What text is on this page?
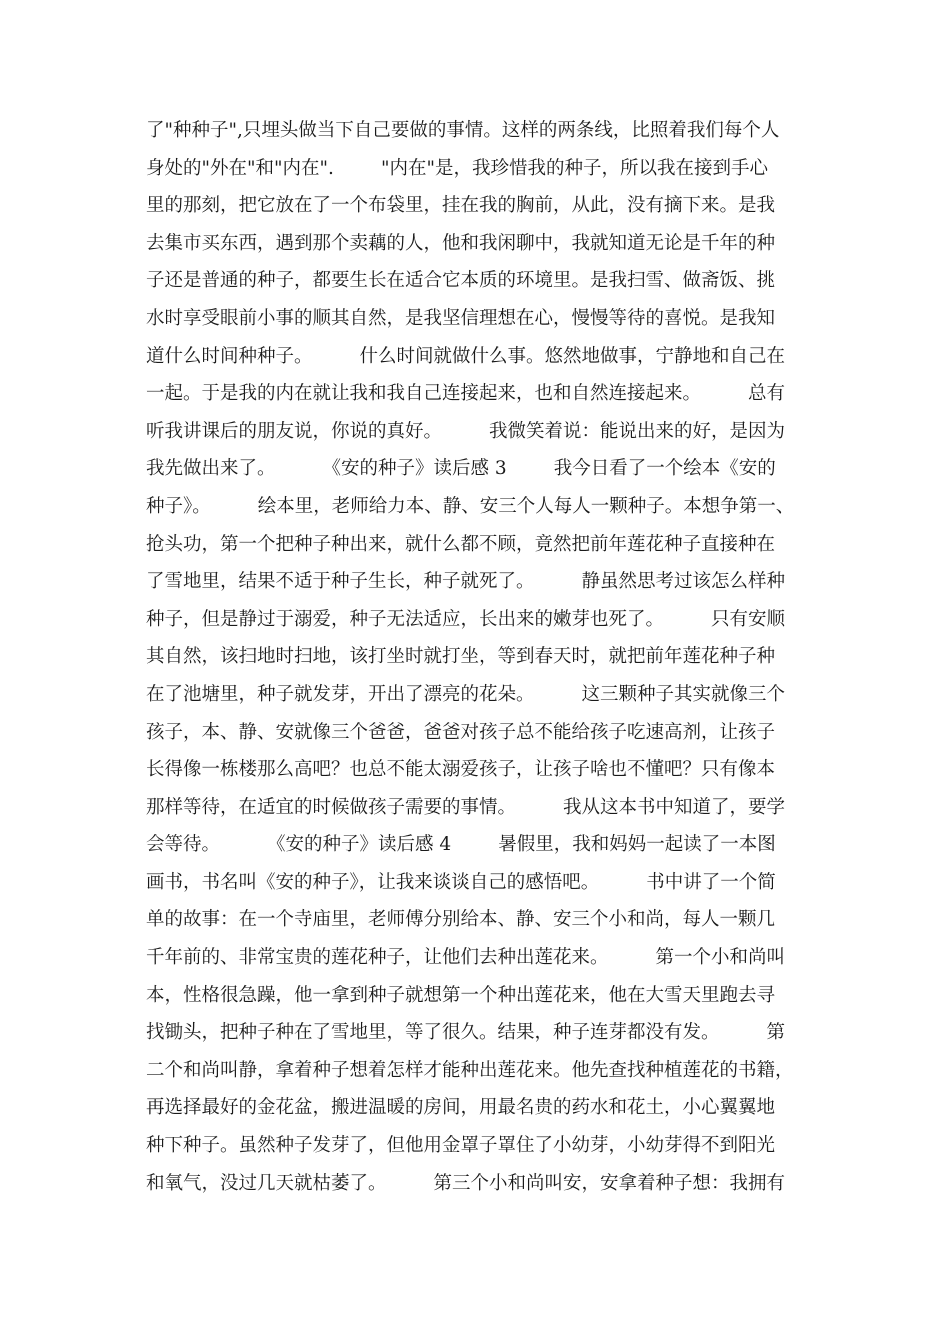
了"种种子",只埋头做当下自己要做的事情。这样的两条线，比照着我们每个人
身处的"外在"和"内在".        "内在"是，我珍惜我的种子，所以我在接到手心
里的那刻，把它放在了一个布袋里，挂在我的胸前，从此，没有摘下来。是我
去集市买东西，遇到那个卖藕的人，他和我闲聊中，我就知道无论是千年的种
子还是普通的种子，都要生长在适合它本质的环境里。是我扫雪、做斋饭、挑
水时享受眼前小事的顺其自然，是我坚信理想在心，慢慢等待的喜悦。是我知
道什么时间种种子。        什么时间就做什么事。悠然地做事，宁静地和自己在
一起。于是我的内在就让我和我自己连接起来，也和自然连接起来。        总有
听我讲课后的朋友说，你说的真好。        我微笑着说：能说出来的好，是因为
我先做出来了。        《安的种子》读后感 3        我今日看了一个绘本《安的
种子》。        绘本里，老师给力本、静、安三个人每人一颗种子。本想争第一、
抢头功，第一个把种子种出来，就什么都不顾，竟然把前年莲花种子直接种在
了雪地里，结果不适于种子生长，种子就死了。        静虽然思考过该怎么样种
种子，但是静过于溺爱，种子无法适应，长出来的嫩芽也死了。        只有安顺
其自然，该扫地时扫地，该打坐时就打坐，等到春天时，就把前年莲花种子种
在了池塘里，种子就发芽，开出了漂亮的花朵。        这三颗种子其实就像三个
孩子，本、静、安就像三个爸爸，爸爸对孩子总不能给孩子吃速高剂，让孩子
长得像一栋楼那么高吧？也总不能太溺爱孩子，让孩子啥也不懂吧？只有像本
那样等待，在适宜的时候做孩子需要的事情。        我从这本书中知道了，要学
会等待。        《安的种子》读后感 4        暑假里，我和妈妈一起读了一本图
画书，书名叫《安的种子》，让我来谈谈自己的感悟吧。        书中讲了一个简
单的故事：在一个寺庙里，老师傅分别给本、静、安三个小和尚，每人一颗几
千年前的、非常宝贵的莲花种子，让他们去种出莲花来。        第一个小和尚叫
本，性格很急躁，他一拿到种子就想第一个种出莲花来，他在大雪天里跑去寻
找锄头，把种子种在了雪地里，等了很久。结果，种子连芽都没有发。        第
二个和尚叫静，拿着种子想着怎样才能种出莲花来。他先查找种植莲花的书籍，
再选择最好的金花盆，搬进温暖的房间，用最名贵的药水和花土，小心翼翼地
种下种子。虽然种子发芽了，但他用金罩子罩住了小幼芽，小幼芽得不到阳光
和氧气，没过几天就枯萎了。        第三个小和尚叫安，安拿着种子想：我拥有
